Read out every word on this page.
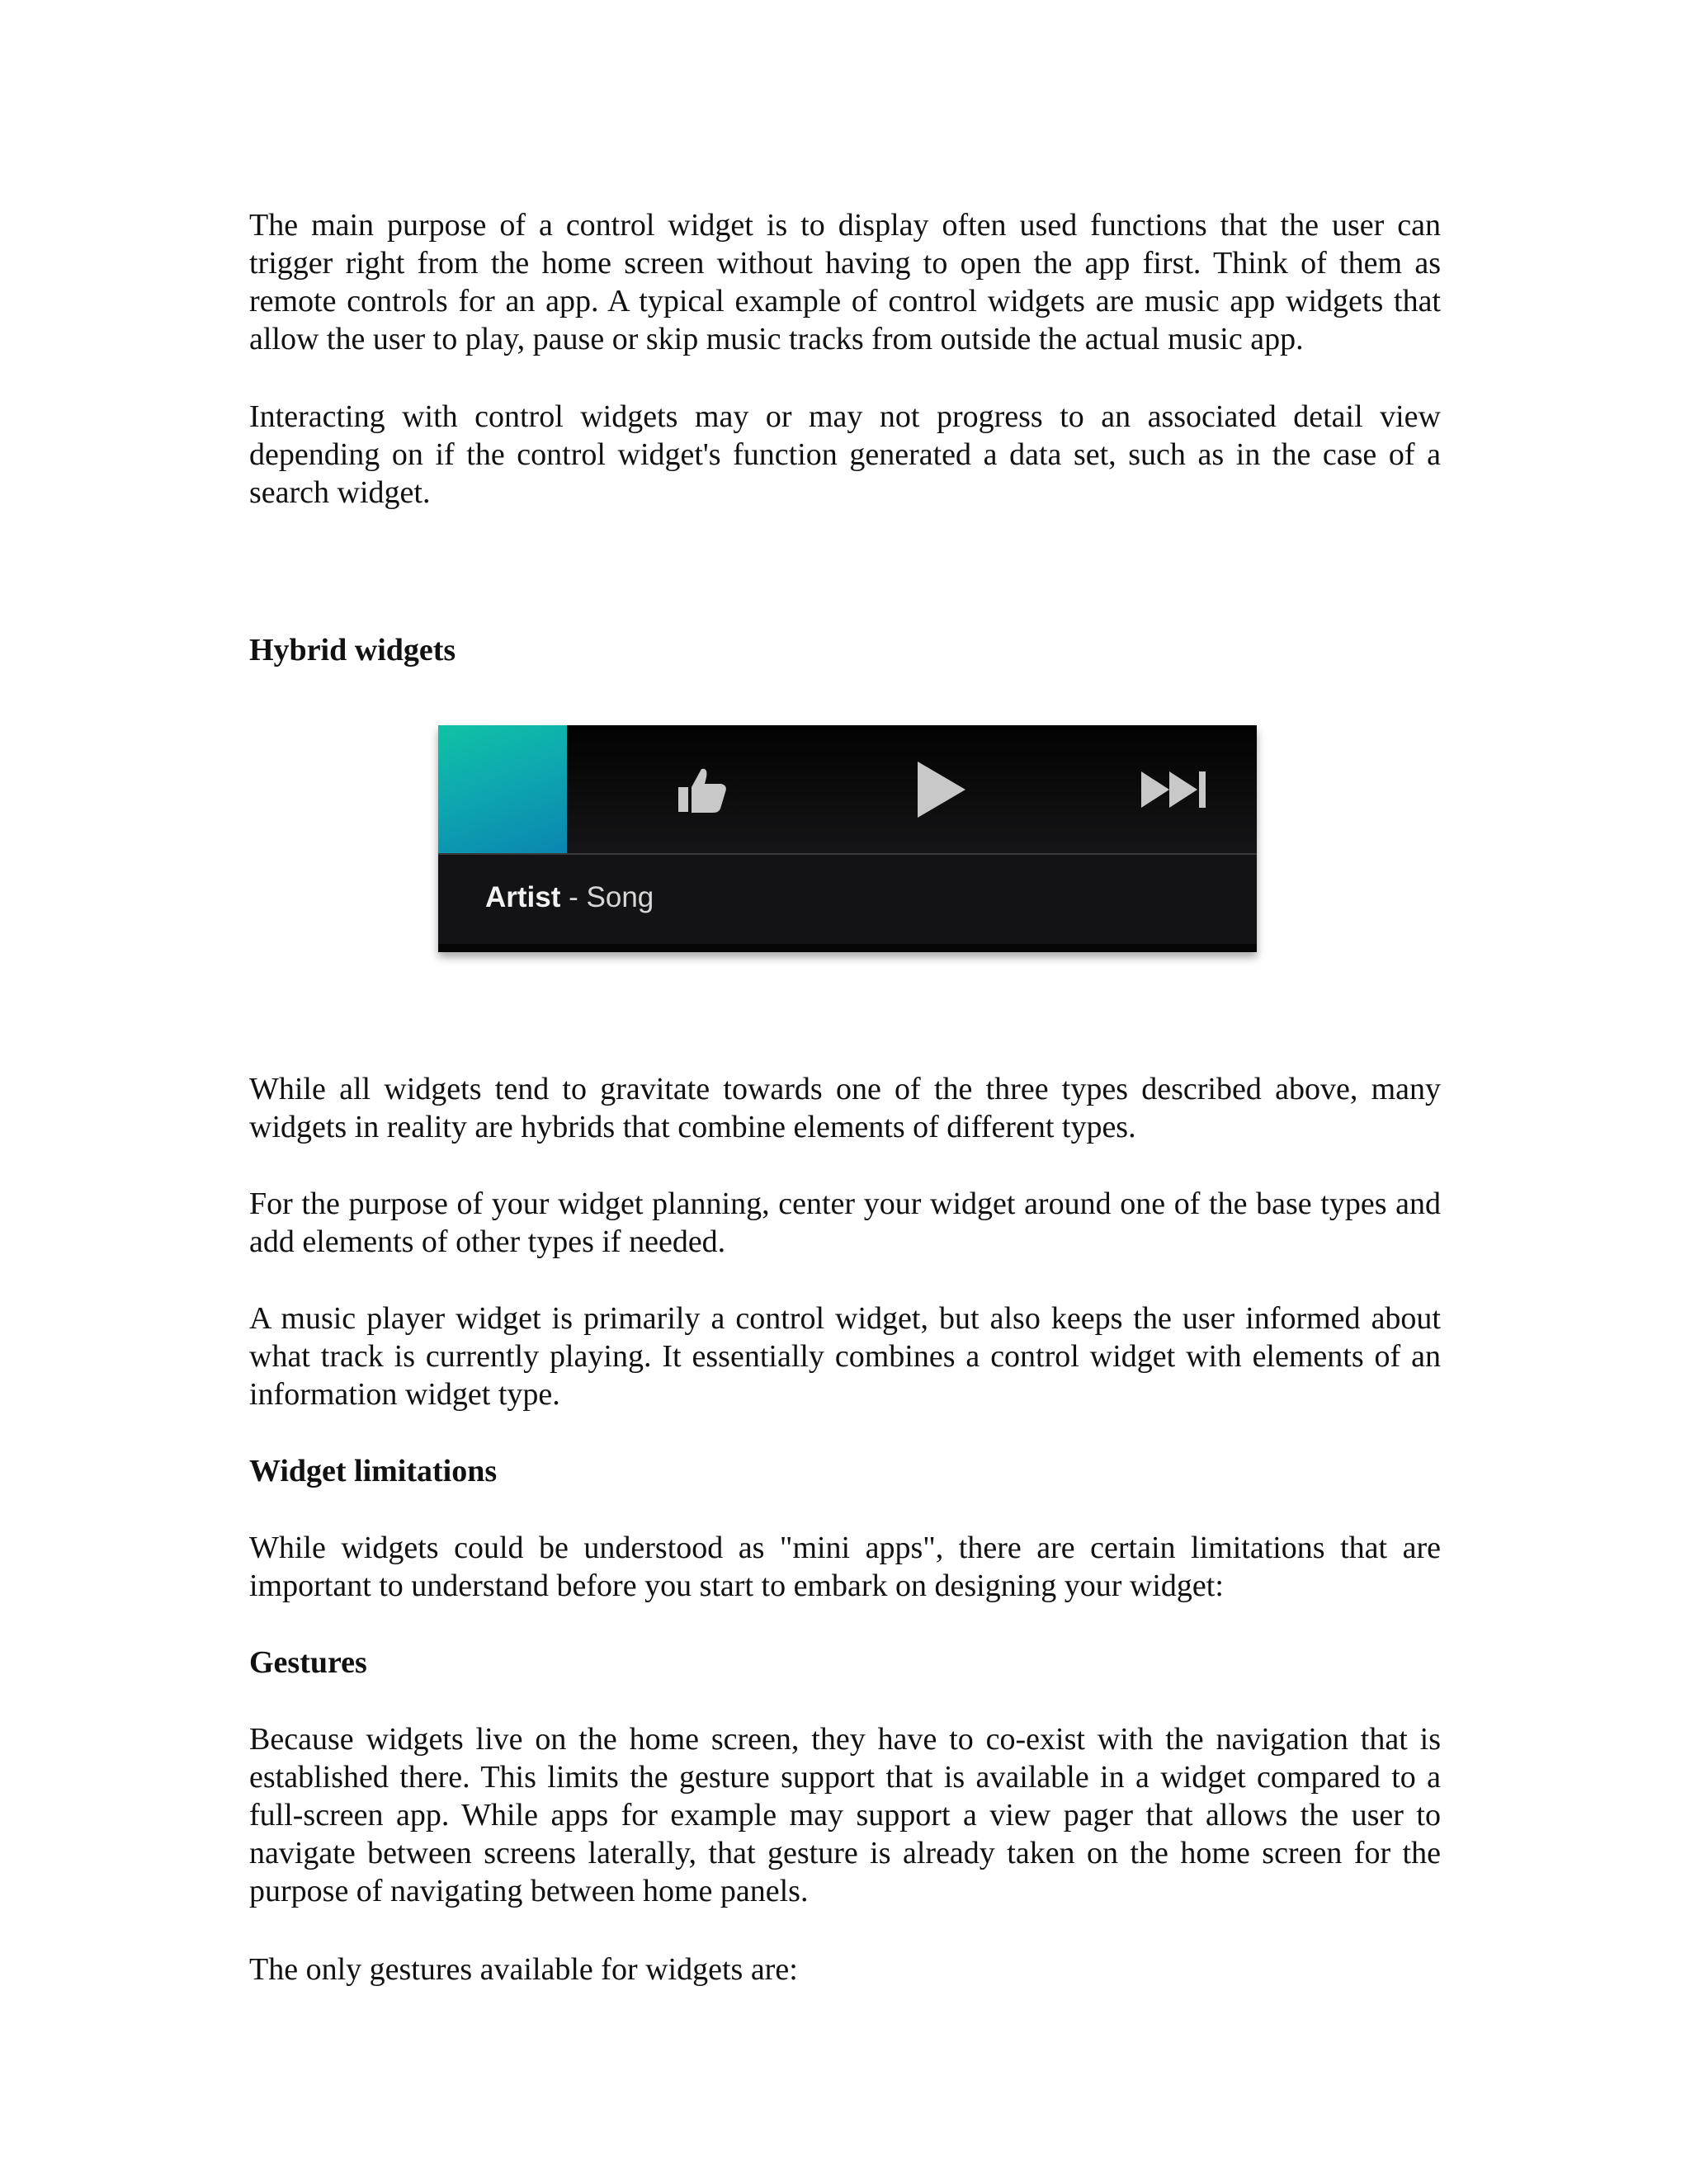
The main purpose of a control widget is to display often used functions that the user can trigger right from the home screen without having to open the app first. Think of them as remote controls for an app. A typical example of control widgets are music app widgets that allow the user to play, pause or skip music tracks from outside the actual music app.

Interacting with control widgets may or may not progress to an associated detail view depending on if the control widget's function generated a data set, such as in the case of a search widget.

Hybrid widgets

Artist - Song

While all widgets tend to gravitate towards one of the three types described above, many widgets in reality are hybrids that combine elements of different types.

For the purpose of your widget planning, center your widget around one of the base types and add elements of other types if needed.

A music player widget is primarily a control widget, but also keeps the user informed about what track is currently playing. It essentially combines a control widget with elements of an information widget type.

Widget limitations

While widgets could be understood as "mini apps", there are certain limitations that are important to understand before you start to embark on designing your widget:

Gestures

Because widgets live on the home screen, they have to co-exist with the navigation that is established there. This limits the gesture support that is available in a widget compared to a full-screen app. While apps for example may support a view pager that allows the user to navigate between screens laterally, that gesture is already taken on the home screen for the purpose of navigating between home panels.

The only gestures available for widgets are:
